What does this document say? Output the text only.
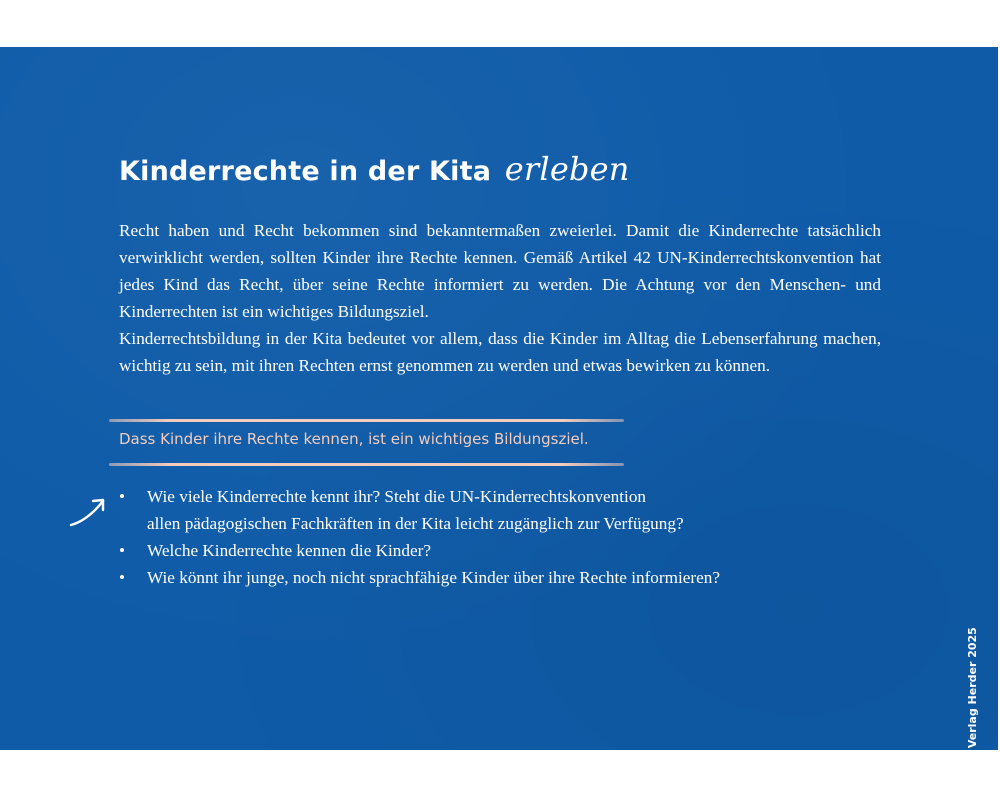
Kinderrechte in der Kita erleben

Recht haben und Recht bekommen sind bekanntermaßen zweierlei. Damit die Kinderrechte tatsächlich verwirklicht werden, sollten Kinder ihre Rechte kennen. Gemäß Artikel 42 UN-Kinderrechtskonvention hat jedes Kind das Recht, über seine Rechte informiert zu werden. Die Achtung vor den Menschen- und Kinderrechten ist ein wichtiges Bildungsziel.

Kinderrechtsbildung in der Kita bedeutet vor allem, dass die Kinder im Alltag die Lebenserfahrung machen, wichtig zu sein, mit ihren Rechten ernst genommen zu werden und etwas bewirken zu können.

Dass Kinder ihre Rechte kennen, ist ein wichtiges Bildungsziel.

• Wie viele Kinderrechte kennt ihr? Steht die UN-Kinderrechtskonvention
allen pädagogischen Fachkräften in der Kita leicht zugänglich zur Verfügung?
• Welche Kinderrechte kennen die Kinder?
• Wie könnt ihr junge, noch nicht sprachfähige Kinder über ihre Rechte informieren?
© Verlag Herder 2025
